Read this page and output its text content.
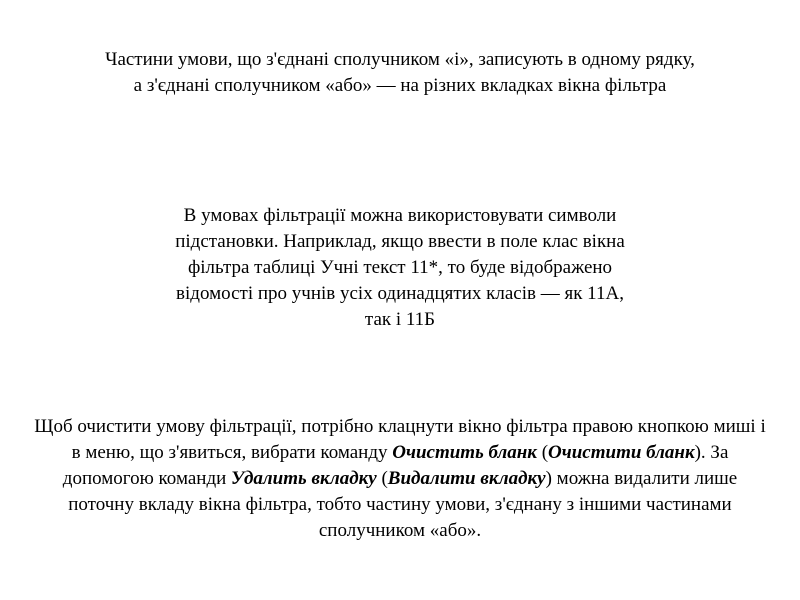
Частини умови, що з'єднані сполучником «і», записують в одному рядку,
а з'єднані сполучником «або» — на різних вкладках вікна фільтра
В умовах фільтрації можна використовувати символи
підстановки. Наприклад, якщо ввести в поле клас вікна
фільтра таблиці Учні текст 11*, то буде відображено
відомості про учнів усіх одинадцятих класів — як 11А,
так і 11Б
Щоб очистити умову фільтрації, потрібно клацнути вікно фільтра правою кнопкою миші і в меню, що з'явиться, вибрати команду Очистить бланк (Очистити бланк). За допомогою команди Удалить вкладку (Видалити вкладку) можна видалити лише поточну вкладу вікна фільтра, тобто частину умови, з'єднану з іншими частинами сполучником «або».
